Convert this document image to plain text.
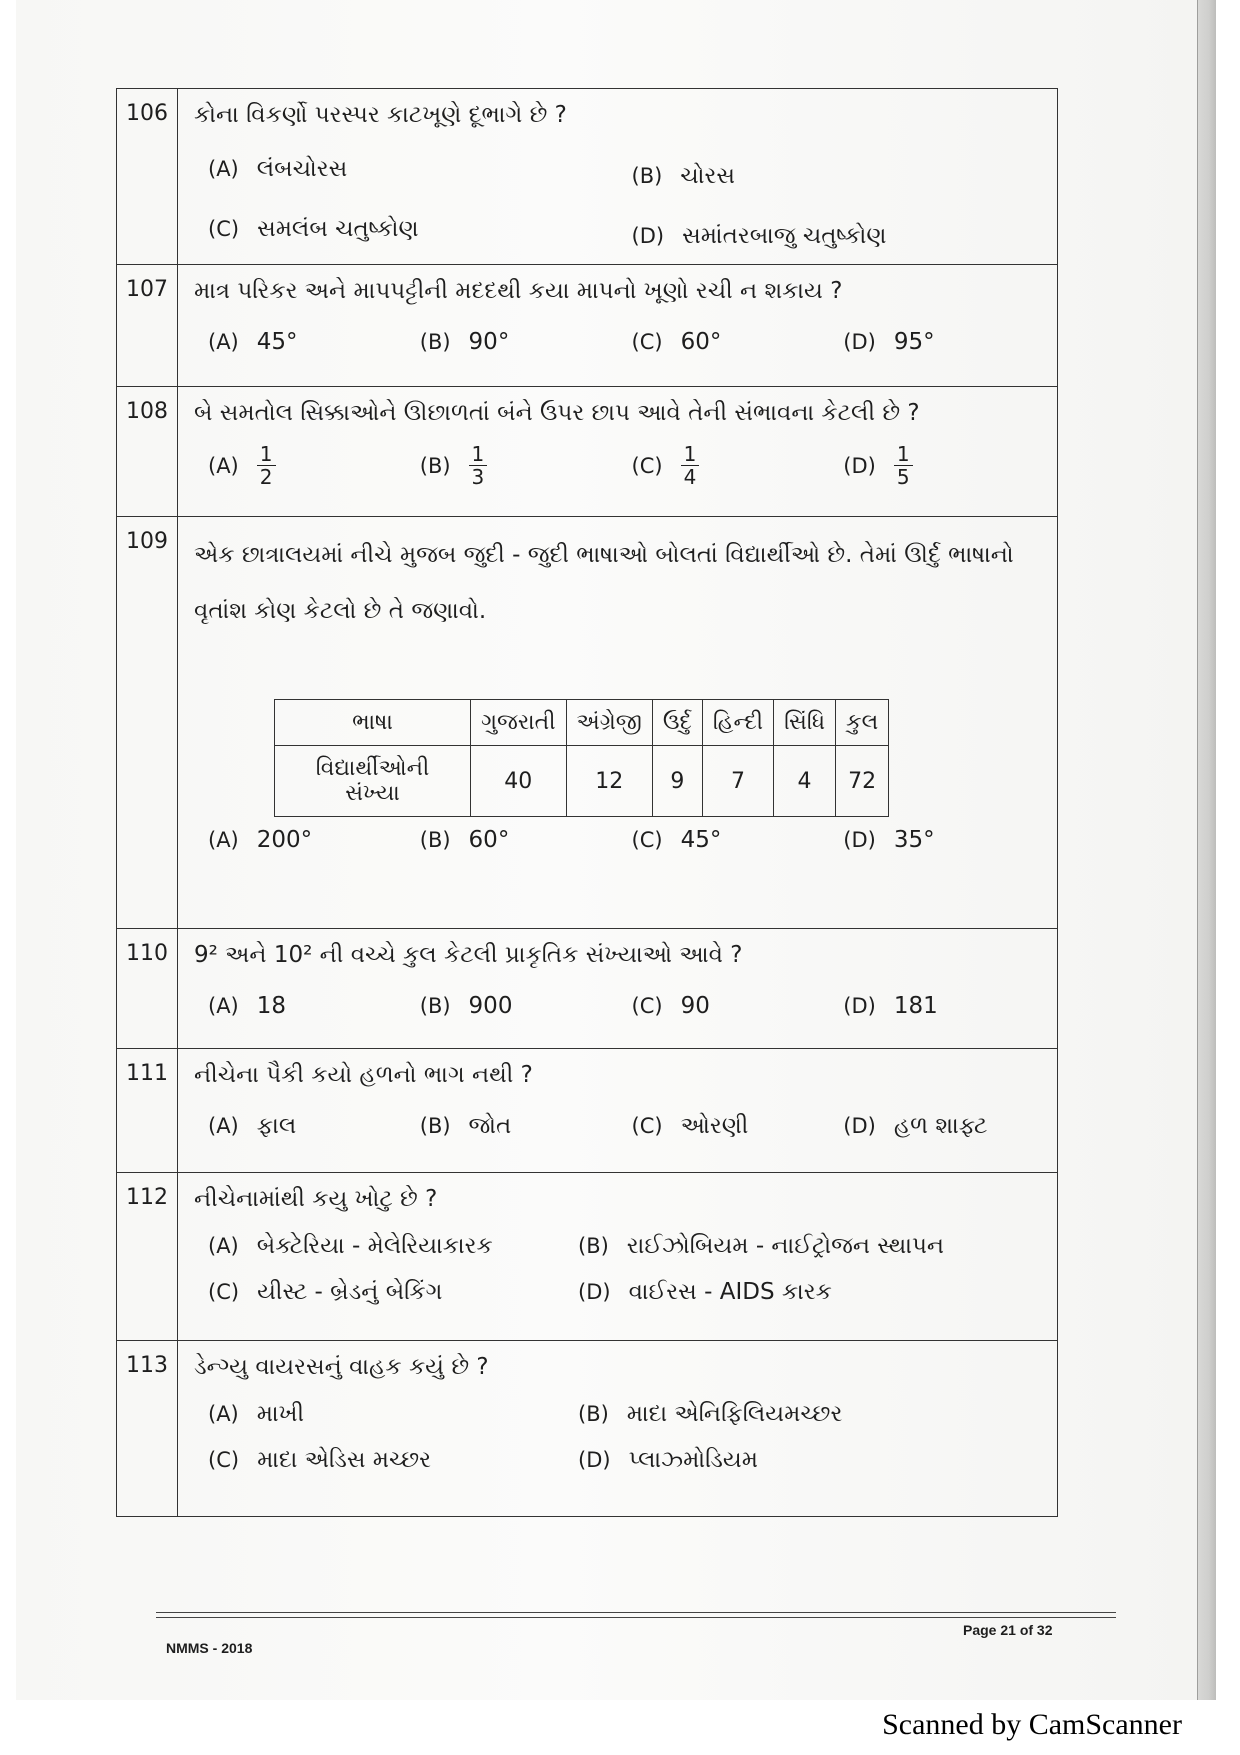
106	કોના વિકર્ણો પરસ્પર કાટખૂણે દૂભાગે છે ?
(A) લંબચોરસ	(B) ચોરસ
(C) સમલંબ ચતુષ્કોણ	(D) સમાંતરબાજુ ચતુષ્કોણ

107	માત્ર પરિકર અને માપપટ્ટીની મદદથી કયા માપનો ખૂણો રચી ન શકાય ?
(A) 45°	(B) 90°	(C) 60°	(D) 95°

108	બે સમતોલ સિક્કાઓને ઊછાળતાં બંને ઉપર છાપ આવે તેની સંભાવના કેટલી છે ?
$(A) \frac{1}{2}$	$(B) \frac{1}{3}$	$(C) \frac{1}{4}$	$(D) \frac{1}{5}$

109	
એક છાત્રાલયમાં નીચે મુજબ જુદી - જુદી ભાષાઓ બોલતાં વિદ્યાર્થીઓ છે. તેમાં ઊર્દુ ભાષાનો વૃતાંશ કોણ કેટલો છે તે જણાવો.
ભાષા	ગુજરાતી	અંગ્રેજી	ઉર્દુ	હિન્દી	સિંધિ	કુલ
વિદ્યાર્થીઓની સંખ્યા	40	12	9	7	4	72
(A) 200°	(B) 60°	(C) 45°	(D) 35°

110	9² અને 10² ની વચ્ચે કુલ કેટલી પ્રાકૃતિક સંખ્યાઓ આવે ?
(A) 18	(B) 900	(C) 90	(D) 181

111	નીચેના પૈકી કયો હળનો ભાગ નથી ?
(A) ફાલ	(B) જોત	(C) ઓરણી	(D) હળ શાફ્ટ

112	નીચેનામાંથી કયુ ખોટુ છે ?
(A) બેક્ટેરિયા - મેલેરિયાકારક	(B) રાઈઝોબિયમ - નાઈટ્રોજન સ્થાપન
(C) યીસ્ટ - બ્રેડનું બેકિંગ	(D) વાઈરસ - AIDS કારક

113	ડેન્ગ્યુ વાયરસનું વાહક કયું છે ?
(A) માખી	(B) માદા એનિફિલિયમચ્છર
(C) માદા એડિસ મચ્છર	(D) પ્લાઝ્મોડિયમ
NMMS - 2018
Page 21 of 32
Scanned by CamScanner
